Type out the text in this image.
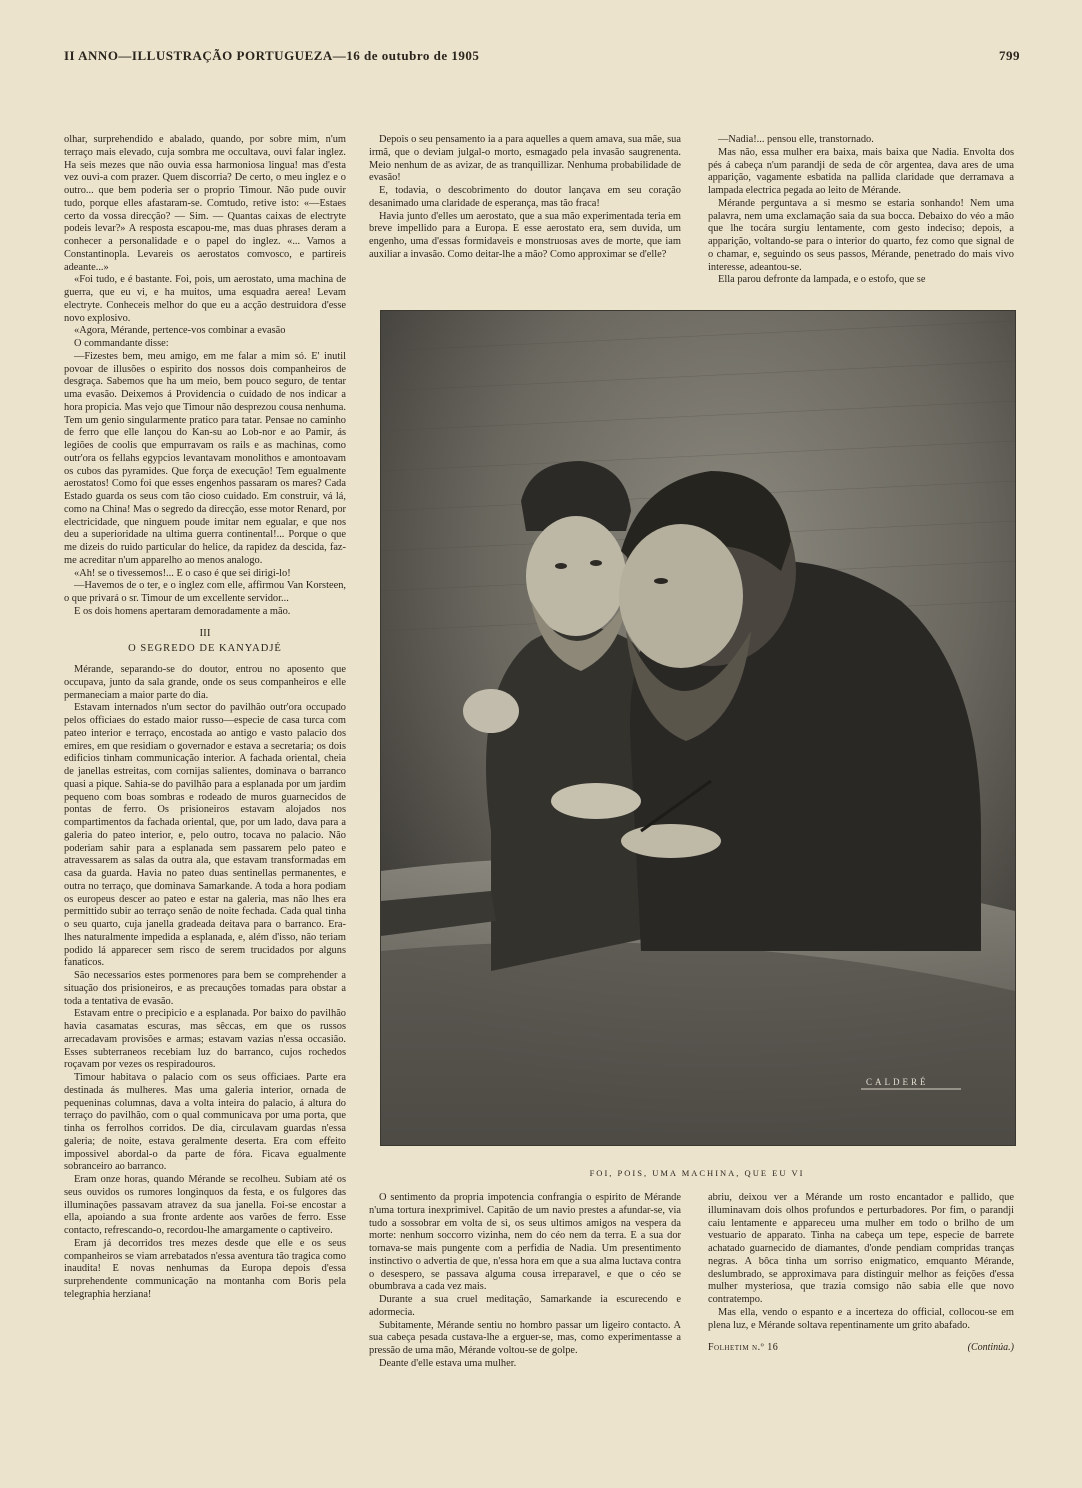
II ANNO—ILLUSTRAÇÃO PORTUGUEZA—16 de outubro de 1905	799

olhar, surprehendido e abalado, quando, por sobre mim, n'um terraço mais elevado, cuja sombra me occultava, ouvi falar inglez. Ha seis mezes que não ouvia essa harmoniosa lingua! mas d'esta vez ouvi-a com prazer. Quem discorria? De certo, o meu inglez e o outro... que bem poderia ser o proprio Timour. Não pude ouvir tudo, porque elles afastaram-se. Comtudo, retive isto: «—Estaes certo da vossa direcção? — Sim. — Quantas caixas de electryte podeis levar?» A resposta escapou-me, mas duas phrases deram a conhecer a personalidade e o papel do inglez. «... Vamos a Constantinopla. Levareis os aerostatos comvosco, e partireis adeante...»

«Foi tudo, e é bastante. Foi, pois, um aerostato, uma machina de guerra, que eu vi, e ha muitos, uma esquadra aerea! Levam electryte. Conheceis melhor do que eu a acção destruidora d'esse novo explosivo.

«Agora, Mérande, pertence-vos combinar a evasão

O commandante disse:

—Fizestes bem, meu amigo, em me falar a mim só. E' inutil povoar de illusões o espirito dos nossos dois companheiros de desgraça. Sabemos que ha um meio, bem pouco seguro, de tentar uma evasão. Deixemos á Providencia o cuidado de nos indicar a hora propicia. Mas vejo que Timour não desprezou cousa nenhuma. Tem um genio singularmente pratico para tatar. Pensae no caminho de ferro que elle lançou do Kan-su ao Lob-nor e ao Pamir, ás legiões de coolis que empurravam os rails e as machinas, como outr'ora os fellahs egypcios levantavam monolithos e amontoavam os cubos das pyramides. Que força de execução! Tem egualmente aerostatos! Como foi que esses engenhos passaram os mares? Cada Estado guarda os seus com tão cioso cuidado. Em construir, vá lá, como na China! Mas o segredo da direcção, esse motor Renard, por electricidade, que ninguem poude imitar nem egualar, e que nos deu a superioridade na ultima guerra continental!... Porque o que me dizeis do ruido particular do helice, da rapidez da descida, faz-me acreditar n'um apparelho ao menos analogo.

«Ah! se o tivessemos!... E o caso é que sei dirigi-lo!

—Havemos de o ter, e o inglez com elle, affirmou Van Korsteen, o que privará o sr. Timour de um excellente servidor...

E os dois homens apertaram demoradamente a mão.

III
O SEGREDO DE KANYADJÉ

Mérande, separando-se do doutor, entrou no aposento que occupava, junto da sala grande, onde os seus companheiros e elle permaneciam a maior parte do dia.

Estavam internados n'um sector do pavilhão outr'ora occupado pelos officiaes do estado maior russo—especie de casa turca com pateo interior e terraço, encostada ao antigo e vasto palacio dos emires, em que residiam o governador e estava a secretaria; os dois edificios tinham communicação interior. A fachada oriental, cheia de janellas estreitas, com cornijas salientes, dominava o barranco quasi a pique. Sahia-se do pavilhão para a esplanada por um jardim pequeno com boas sombras e rodeado de muros guarnecidos de pontas de ferro. Os prisioneiros estavam alojados nos compartimentos da fachada oriental, que, por um lado, dava para a galeria do pateo interior, e, pelo outro, tocava no palacio. Não poderiam sahir para a esplanada sem passarem pelo pateo e atravessarem as salas da outra ala, que estavam transformadas em casa da guarda. Havia no pateo duas sentinellas permanentes, e outra no terraço, que dominava Samarkande. A toda a hora podiam os europeus descer ao pateo e estar na galeria, mas não lhes era permittido subir ao terraço senão de noite fechada. Cada qual tinha o seu quarto, cuja janella gradeada deitava para o barranco. Era-lhes naturalmente impedida a esplanada, e, além d'isso, não teriam podido lá apparecer sem risco de serem trucidados por alguns fanaticos.

São necessarios estes pormenores para bem se comprehender a situação dos prisioneiros, e as precauções tomadas para obstar a toda a tentativa de evasão.

Estavam entre o precipicio e a esplanada. Por baixo do pavilhão havia casamatas escuras, mas sêccas, em que os russos arrecadavam provisões e armas; estavam vazias n'essa occasião. Esses subterraneos recebiam luz do barranco, cujos rochedos roçavam por vezes os respiradouros.

Timour habitava o palacio com os seus officiaes. Parte era destinada ás mulheres. Mas uma galeria interior, ornada de pequeninas columnas, dava a volta inteira do palacio, á altura do terraço do pavilhão, com o qual communicava por uma porta, que tinha os ferrolhos corridos. De dia, circulavam guardas n'essa galeria; de noite, estava geralmente deserta. Era com effeito impossivel abordal-o da parte de fóra. Ficava egualmente sobranceiro ao barranco.

Eram onze horas, quando Mérande se recolheu. Subiam até os seus ouvidos os rumores longinquos da festa, e os fulgores das illuminações passavam atravez da sua janella. Foi-se encostar a ella, apoiando a sua fronte ardente aos varões de ferro. Esse contacto, refrescando-o, recordou-lhe amargamente o captiveiro.

Eram já decorridos tres mezes desde que elle e os seus companheiros se viam arrebatados n'essa aventura tão tragica como inaudita! E novas nenhumas da Europa depois d'essa surprehendente communicação na montanha com Boris pela telegraphia herziana!

Depois o seu pensamento ia a para aquelles a quem amava, sua mãe, sua irmã, que o deviam julgal-o morto, esmagado pela invasão saugrenenta. Meio nenhum de as avizar, de as tranquillizar. Nenhuma probabilidade de evasão!

E, todavia, o descobrimento do doutor lançava em seu coração desanimado uma claridade de esperança, mas tão fraca!

Havia junto d'elles um aerostato, que a sua mão experimentada teria em breve impellido para a Europa. E esse aerostato era, sem duvida, um engenho, uma d'essas formidaveis e monstruosas aves de morte, que iam auxiliar a invasão. Como deitar-lhe a mão? Como approximar se d'elle?

—Nadia!... pensou elle, transtornado.

Mas não, essa mulher era baixa, mais baixa que Nadia. Envolta dos pés á cabeça n'um parandji de seda de côr argentea, dava ares de uma apparição, vagamente esbatida na pallida claridade que derramava a lampada electrica pegada ao leito de Mérande.

Mérande perguntava a si mesmo se estaria sonhando! Nem uma palavra, nem uma exclamação saia da sua bocca. Debaixo do véo a mão que lhe tocára surgiu lentamente, com gesto indeciso; depois, a apparição, voltando-se para o interior do quarto, fez como que signal de o chamar, e, seguindo os seus passos, Mérande, penetrado do mais vivo interesse, adeantou-se.

Ella parou defronte da lampada, e o estofo, que se

CALDERÉ
FOI, POIS, UMA MACHINA, QUE EU VI

O sentimento da propria impotencia confrangia o espirito de Mérande n'uma tortura inexprimivel. Capitão de um navio prestes a afundar-se, via tudo a sossobrar em volta de si, os seus ultimos amigos na vespera da morte: nenhum soccorro vizinha, nem do céo nem da terra. E a sua dor tornava-se mais pungente com a perfidia de Nadia. Um presentimento instinctivo o advertia de que, n'essa hora em que a sua alma luctava contra o desespero, se passava alguma cousa irreparavel, e que o céo se obumbrava a cada vez mais.

Durante a sua cruel meditação, Samarkande ia escurecendo e adormecia.

Subitamente, Mérande sentiu no hombro passar um ligeiro contacto. A sua cabeça pesada custava-lhe a erguer-se, mas, como experimentasse a pressão de uma mão, Mérande voltou-se de golpe.

Deante d'elle estava uma mulher.

abriu, deixou ver a Mérande um rosto encantador e pallido, que illuminavam dois olhos profundos e perturbadores. Por fim, o parandji caiu lentamente e appareceu uma mulher em todo o brilho de um vestuario de apparato. Tinha na cabeça um tepe, especie de barrete achatado guarnecido de diamantes, d'onde pendiam compridas tranças negras. A bôca tinha um sorriso enigmatico, emquanto Mérande, deslumbrado, se approximava para distinguir melhor as feições d'essa mulher mysteriosa, que trazia comsigo não sabia elle que novo contratempo.

Mas ella, vendo o espanto e a incerteza do official, collocou-se em plena luz, e Mérande soltava repentinamente um grito abafado.

Folhetim n.º 16	(Continúa.)
